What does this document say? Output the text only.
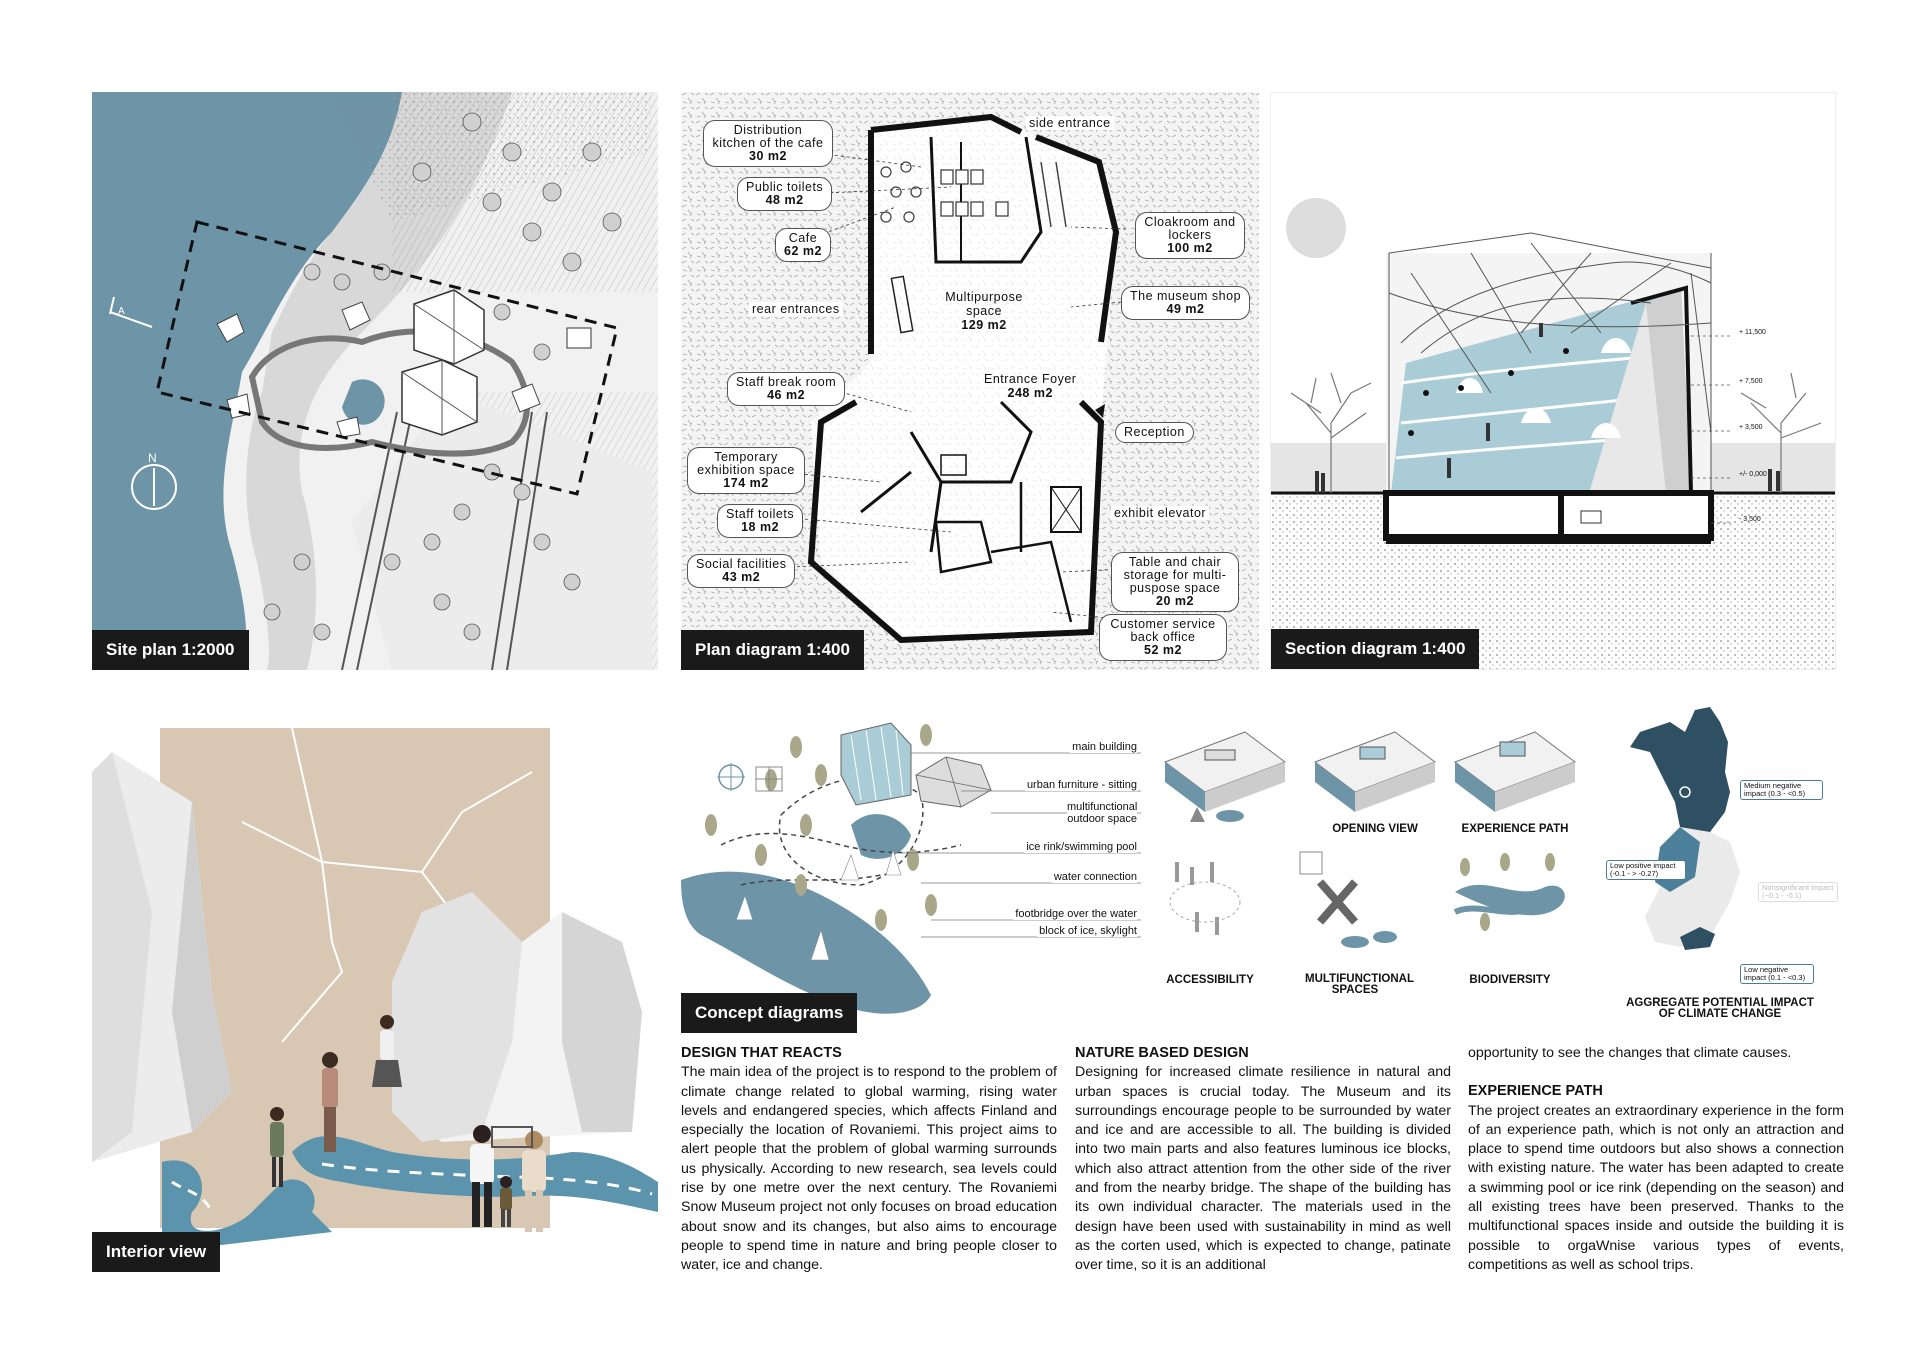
N
A
Site plan 1:2000
Distribution kitchen of the cafe
30 m2
Public toilets
48 m2
Cafe
62 m2
Multipurpose space
129 m2
Staff break room
46 m2
Temporary exhibition space
174 m2
Staff toilets
18 m2
Social facilities
43 m2
Cloakroom and lockers
100 m2
The museum shop
49 m2
Entrance Foyer
248 m2
Table and chair storage for multi-puspose space
20 m2
Customer service back office
52 m2
side entrance
rear entrances
Reception
exhibit elevator
Plan diagram 1:400
+ 11,500
+ 7,500
+ 3,500
+/- 0,000
- 3,500
Section diagram 1:400
Interior view
main building
urban furniture - sitting
multifunctional outdoor space
ice rink/swimming pool
water connection
footbridge over the water
block of ice, skylight
Concept diagrams
OPENING VIEW	EXPERIENCE PATH
ACCESSIBILITY	MULTIFUNCTIONAL SPACES
BIODIVERSITY
Medium negative impact (0.3 - <0.5)
Low positive impact (-0.1 - > -0.27)
Nonsignificant impact (~0.1 - -0.1)
Low negative impact (0.1 - <0.3)
AGGREGATE POTENTIAL IMPACT OF CLIMATE CHANGE
DESIGN THAT REACTS

The main idea of the project is to respond to the problem of climate change related to global warming, rising water levels and endangered species, which affects Finland and especially the location of Rovaniemi. This project aims to alert people that the problem of global warming surrounds us physically. According to new research, sea levels could rise by one metre over the next century. The Rovaniemi Snow Museum project not only focuses on broad education about snow and its changes, but also aims to encourage people to spend time in nature and bring people closer to water, ice and change.

NATURE BASED DESIGN

Designing for increased climate resilience in natural and urban spaces is crucial today. The Museum and its surroundings encourage people to be surrounded by water and ice and are accessible to all. The building is divided into two main parts and also features luminous ice blocks, which also attract attention from the other side of the river and from the nearby bridge. The shape of the building has its own individual character. The materials used in the design have been used with sustainability in mind as well as the corten used, which is expected to change, patinate over time, so it is an additional

opportunity to see the changes that climate causes.

EXPERIENCE PATH

The project creates an extraordinary experience in the form of an experience path, which is not only an attraction and place to spend time outdoors but also shows a connection with existing nature. The water has been adapted to create a swimming pool or ice rink (depending on the season) and all existing trees have been preserved. Thanks to the multifunctional spaces inside and outside the building it is possible to orgaWnise various types of events, competitions as well as school trips.
